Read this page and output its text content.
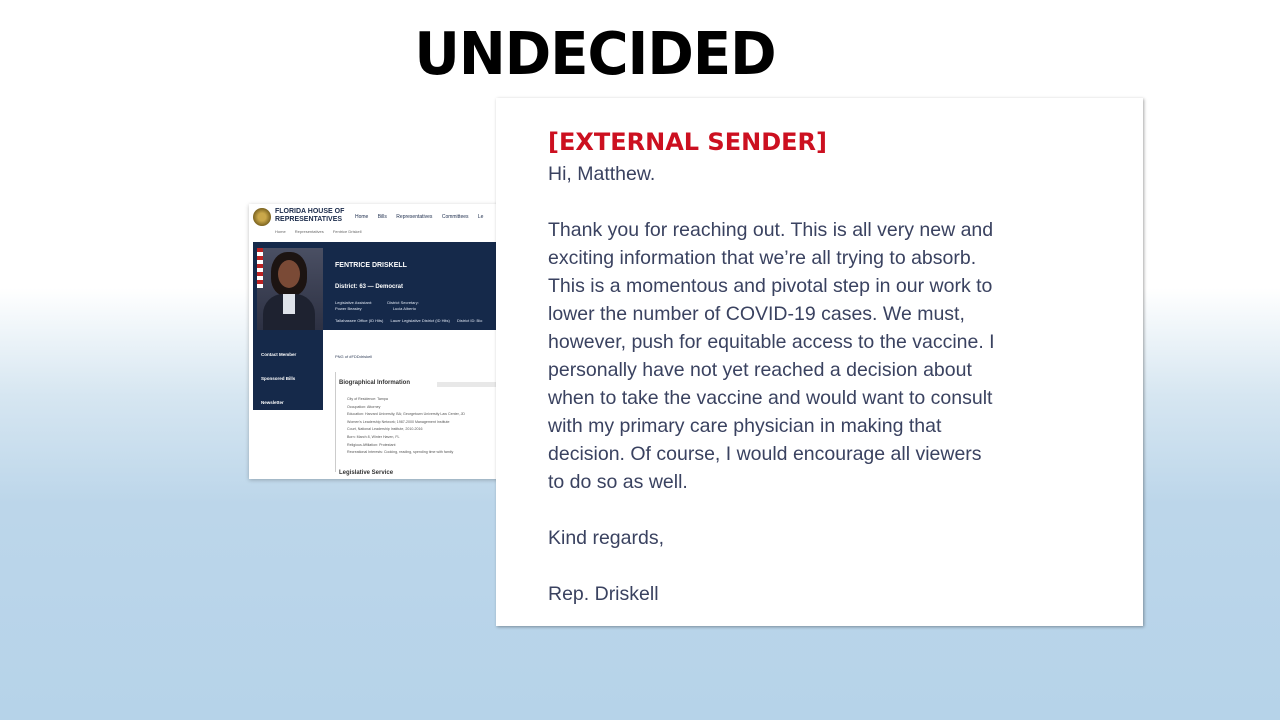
UNDECIDED
FLORIDA HOUSE OF REPRESENTATIVES	Home Bills Representatives Committees Le
Home Representatives Fentrice Driskell
FENTRICE DRISKELL
District: 63 — Democrat
Legislative Assistant:	District Secretary:
Power Beasley	Lucia Alberto
Tallahassee Office (ID Hits) Lauer Legislative District (ID Hits) District ID: Bio
PNG of #FDDdriskell
Contact Member
Sponsored Bills
Newsletter
Biographical Information
City of Residence: Tampa
Occupation: Attorney
Education: Harvard University, BA; Georgetown University Law Center, JD
Women's Leadership Network; 1987-2000 Management Institute
Court, National Leadership Institute, 2010-2016
Born: March 8, Winter Haven, FL
Religious Affiliation: Protestant
Recreational Interests: Cooking, reading, spending time with family
Legislative Service
[EXTERNAL SENDER]

Hi, Matthew.

Thank you for reaching out. This is all very new and

exciting information that we’re all trying to absorb.

This is a momentous and pivotal step in our work to

lower the number of COVID-19 cases. We must,

however, push for equitable access to the vaccine. I

personally have not yet reached a decision about

when to take the vaccine and would want to consult

with my primary care physician in making that

decision. Of course, I would encourage all viewers

to do so as well.

Kind regards,

Rep. Driskell
